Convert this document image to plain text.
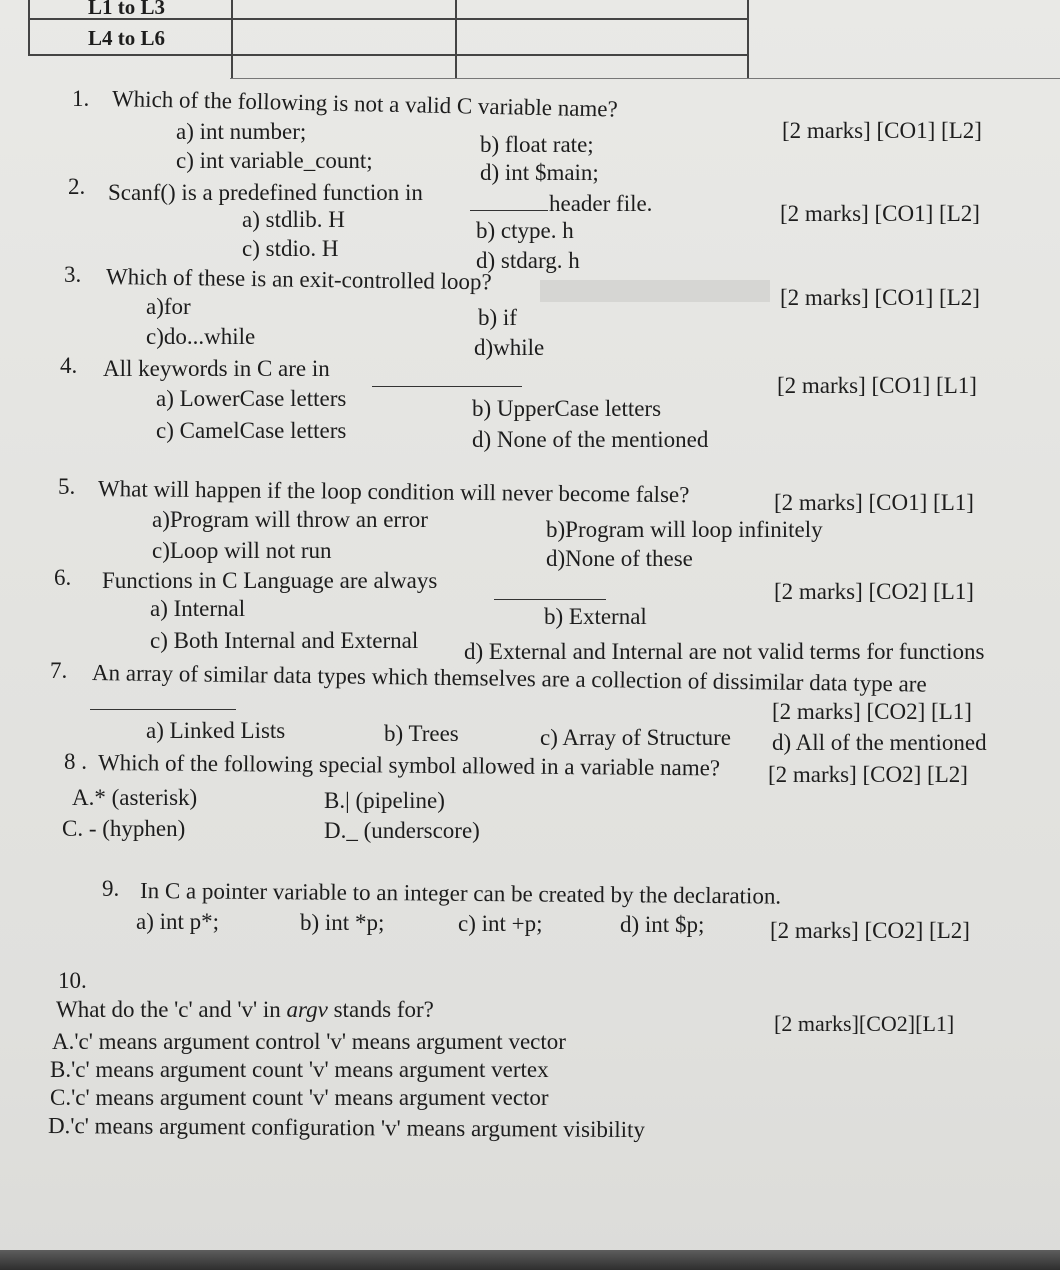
L1 to L3
L4 to L6
1. Which of the following is not a valid C variable name?
[2 marks] [CO1] [L2]
a) int number;
b) float rate;
c) int variable_count;	d) int $main;
2. Scanf() is a predefined function in	header file.	[2 marks] [CO1] [L2]
a) stdlib. H	b) ctype. h
c) stdio. H	d) stdarg. h
3. Which of these is an exit-controlled loop?
[2 marks] [CO1] [L2]
a)for	b) if
c)do...while	d)while
4. All keywords in C are in
[2 marks] [CO1] [L1]
a) LowerCase letters	b) UpperCase letters
c) CamelCase letters	d) None of the mentioned
5. What will happen if the loop condition will never become false?	[2 marks] [CO1] [L1]
a)Program will throw an error	b)Program will loop infinitely
c)Loop will not run	d)None of these
6. Functions in C Language are always	[2 marks] [CO2] [L1]
a) Internal	b) External
c) Both Internal and External d) External and Internal are not valid terms for functions
7. An array of similar data types which themselves are a collection of dissimilar data type are
[2 marks] [CO2] [L1]
a) Linked Lists	b) Trees	c) Array of Structure d) All of the mentioned
8 . Which of the following special symbol allowed in a variable name? [2 marks] [CO2] [L2]
A.* (asterisk)	B.| (pipeline)
C. - (hyphen)	D._ (underscore)
9. In C a pointer variable to an integer can be created by the declaration.
a) int p*;	b) int *p;	c) int +p;	d) int $p;	[2 marks] [CO2] [L2]
10.
What do the 'c' and 'v' in argv stands for?
[2 marks][CO2][L1]
A.'c' means argument control 'v' means argument vector
B.'c' means argument count 'v' means argument vertex
C.'c' means argument count 'v' means argument vector
D.'c' means argument configuration 'v' means argument visibility
